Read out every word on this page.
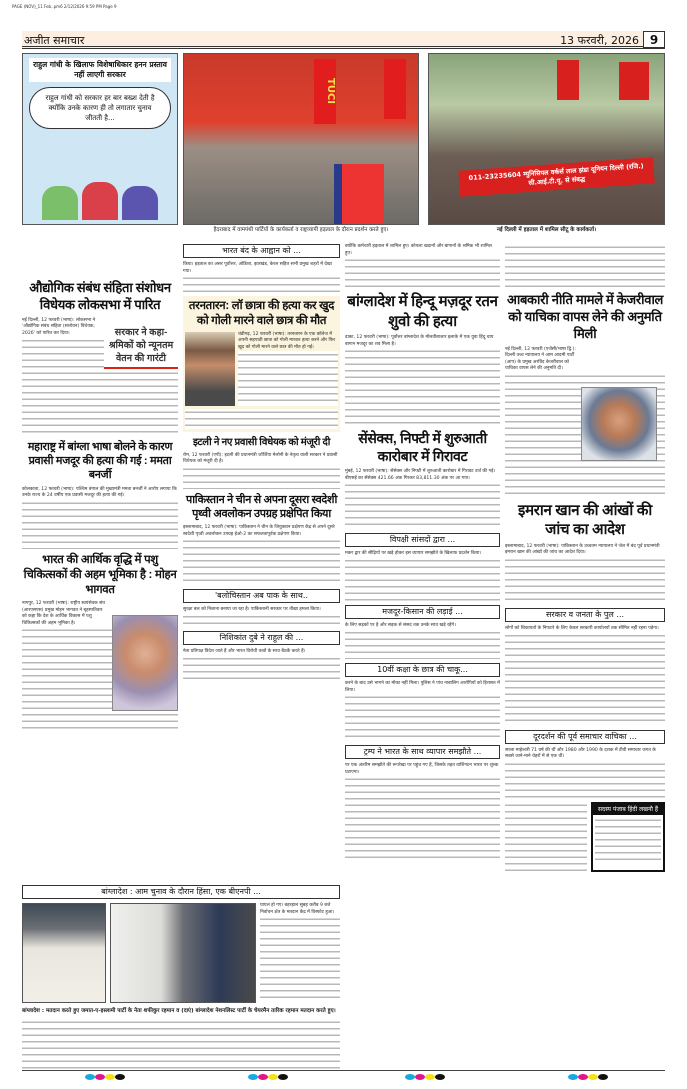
PAGE (NOV)_11 Feb..pm6 2/12/2026 9:59 PM Page 9
अजीत समाचार	13 फरवरी, 2026 9
राहुल गांधी के खिलाफ विशेषाधिकार हनन प्रस्ताव नहीं लाएगी सरकार
राहुल गांधी को सरकार हर बार बख्श देती है क्योंकि उनके कारण ही तो लगातार चुनाव जीतती है...
TUCI
हैदराबाद में वामपंथी पार्टियों के कार्यकर्ता व राष्ट्रव्यापी हड़ताल के दौरान प्रदर्शन करते हुए।
011-23235604 म्युनिसिपल वर्कर्स लाल झंडा यूनियन दिल्ली (रजि.) सी.आई.टी.यू. से संबद्ध
नई दिल्ली में हड़ताल में शामिल सीटू के कार्यकर्ता।
औद्योगिक संबंध संहिता संशोधन विधेयक लोकसभा में पारित
सरकार ने कहा- श्रमिकों को न्यूनतम वेतन की गारंटी
नई दिल्ली, 12 फरवरी (भाषा): लोकसभा ने 'औद्योगिक संबंध संहिता (संशोधन) विधेयक, 2026' को पारित कर दिया।
महाराष्ट्र में बांग्ला भाषा बोलने के कारण प्रवासी मजदूर की हत्या की गई : ममता बनर्जी
कोलकाता, 12 फरवरी (भाषा): पश्चिम बंगाल की मुख्यमंत्री ममता बनर्जी ने आरोप लगाया कि उनके राज्य के 24 वर्षीय एक प्रवासी मजदूर की हत्या की गई।
भारत की आर्थिक वृद्धि में पशु चिकित्सकों की अहम भूमिका है : मोहन भागवत
नागपुर, 12 फरवरी (भाषा): राष्ट्रीय स्वयंसेवक संघ (आरएसएस) प्रमुख मोहन भागवत ने बृहस्पतिवार को कहा कि देश के आर्थिक विकास में पशु चिकित्सकों की अहम भूमिका है।
भारत बंद के आह्वान को ...
किया। हड़ताल का असर पूर्वोत्तर, ओडिशा, झारखंड, केरल सहित सभी प्रमुख शहरों में देखा गया।
तरनतारन: लॉ छात्रा की हत्या कर खुद को गोली मारने वाले छात्र की मौत
चंडीगढ़, 12 फरवरी (भाषा): तरनतारन के एक कॉलेज में अपनी सहपाठी छात्रा को गोली मारकर हत्या करने और फिर खुद को गोली मारने वाले छात्र की मौत हो गई।
इटली ने नए प्रवासी विधेयक को मंजूरी दी
रोम, 12 फरवरी (एपी): इटली की प्रधानमंत्री जॉर्जिया मेलोनी के नेतृत्व वाली सरकार ने प्रवासी विधेयक को मंजूरी दी है।
पाकिस्तान ने चीन से अपना दूसरा स्वदेशी पृथ्वी अवलोकन उपग्रह प्रक्षेपित किया
इस्लामाबाद, 12 फरवरी (भाषा): पाकिस्तान ने चीन के जियुक्वान प्रक्षेपण केंद्र से अपने दूसरे स्वदेशी पृथ्वी अवलोकन उपग्रह ईओ-2 का सफलतापूर्वक प्रक्षेपण किया।
'बलोचिस्तान अब पाक के साथ..
सुरक्षा बल को निशाना बनाया जा रहा है। पाकिस्तानी सरकार पर तीखा हमला किया।
निशिकांत दुबे ने राहुल की ...
नेता प्रतिपक्ष विदेश जाते हैं और भारत विरोधी तत्वों के साथ बैठकें करते हैं।
बांग्लादेश : आम चुनाव के दौरान हिंसा, एक बीएनपी ...
घायल हो गए। बहरहाल सुबह करीब 9 बजे निर्वाचन क्षेत्र के मतदान केंद्र में विस्फोट हुआ।
बांग्लादेश : मतदान करते हुए जमात-ए-इस्लामी पार्टी के नेता शफीकुर रहमान व (दाएं) बांग्लादेश नेशनलिस्ट पार्टी के चेयरमैन तारिक रहमान मतदान करते हुए।
क्योंकि कर्मचारी हड़ताल में शामिल हुए। कोयला खदानों और बागानों के श्रमिक भी शामिल हुए।
बांग्लादेश में हिन्दू मज़दूर रतन शुवो की हत्या
ढाका, 12 फरवरी (भाषा): पूर्वोत्तर बांग्लादेश के मौलवीबाजार इलाके में एक युवा हिंदू चाय बागान मजदूर का शव मिला है।
सेंसेक्स, निफ्टी में शुरुआती कारोबार में गिरावट
मुंबई, 12 फरवरी (भाषा): सेंसेक्स और निफ्टी में शुरुआती कारोबार में गिरावट दर्ज की गई। बीएसई का सेंसेक्स 421.66 अंक गिरकर 83,811.30 अंक पर आ गया।
विपक्षी सांसदों द्वारा ...
मकर द्वार की सीढ़ियों पर खड़े होकर इस व्यापार समझौते के खिलाफ प्रदर्शन किया।
मजदूर-किसान की लड़ाई ...
के लिए सड़कों पर है और सड़क से संसद तक उनके साथ खड़े रहेंगे।
10वीं कक्षा के छात्र की चाकू...
करने के बाद उसे भागने का मौका नहीं मिला। पुलिस ने पांच नाबालिग आरोपियों को हिरासत में लिया।
ट्रम्प ने भारत के साथ व्यापार समझौते ...
पर एक अंतरिम समझौते की रूपरेखा पर पहुंच गए हैं, जिसके तहत वाशिंगटन भारत पर शुल्क घटाएगा।
आबकारी नीति मामले में केजरीवाल को याचिका वापस लेने की अनुमति मिली
नई दिल्ली, 12 फरवरी (एजेंसी/भाषा द्वि.): दिल्ली उच्च न्यायालय ने आम आदमी पार्टी (आप) के प्रमुख अरविंद केजरीवाल को याचिका वापस लेने की अनुमति दी।
इमरान खान की आंखों की जांच का आदेश
इस्लामाबाद, 12 फरवरी (भाषा): पाकिस्तान के उच्चतम न्यायालय ने जेल में बंद पूर्व प्रधानमंत्री इमरान खान की आंखों की जांच का आदेश दिया।
सरकार व जनता के पुल ...
लोगों को शिकायतों के निपटारे के लिए केवल सरकारी कार्यालयों तक सीमित नहीं रहना पड़ेगा।
दूरदर्शन की पूर्व समाचार वाचिका ...
सरला माहेश्वरी 71 वर्ष की थीं और 1980 और 1990 के दशक में टीवी समाचार जगत के सबसे जाने-माने चेहरों में से एक थीं।
सदस्य पंजाब हिंदी लखनौ हैं
